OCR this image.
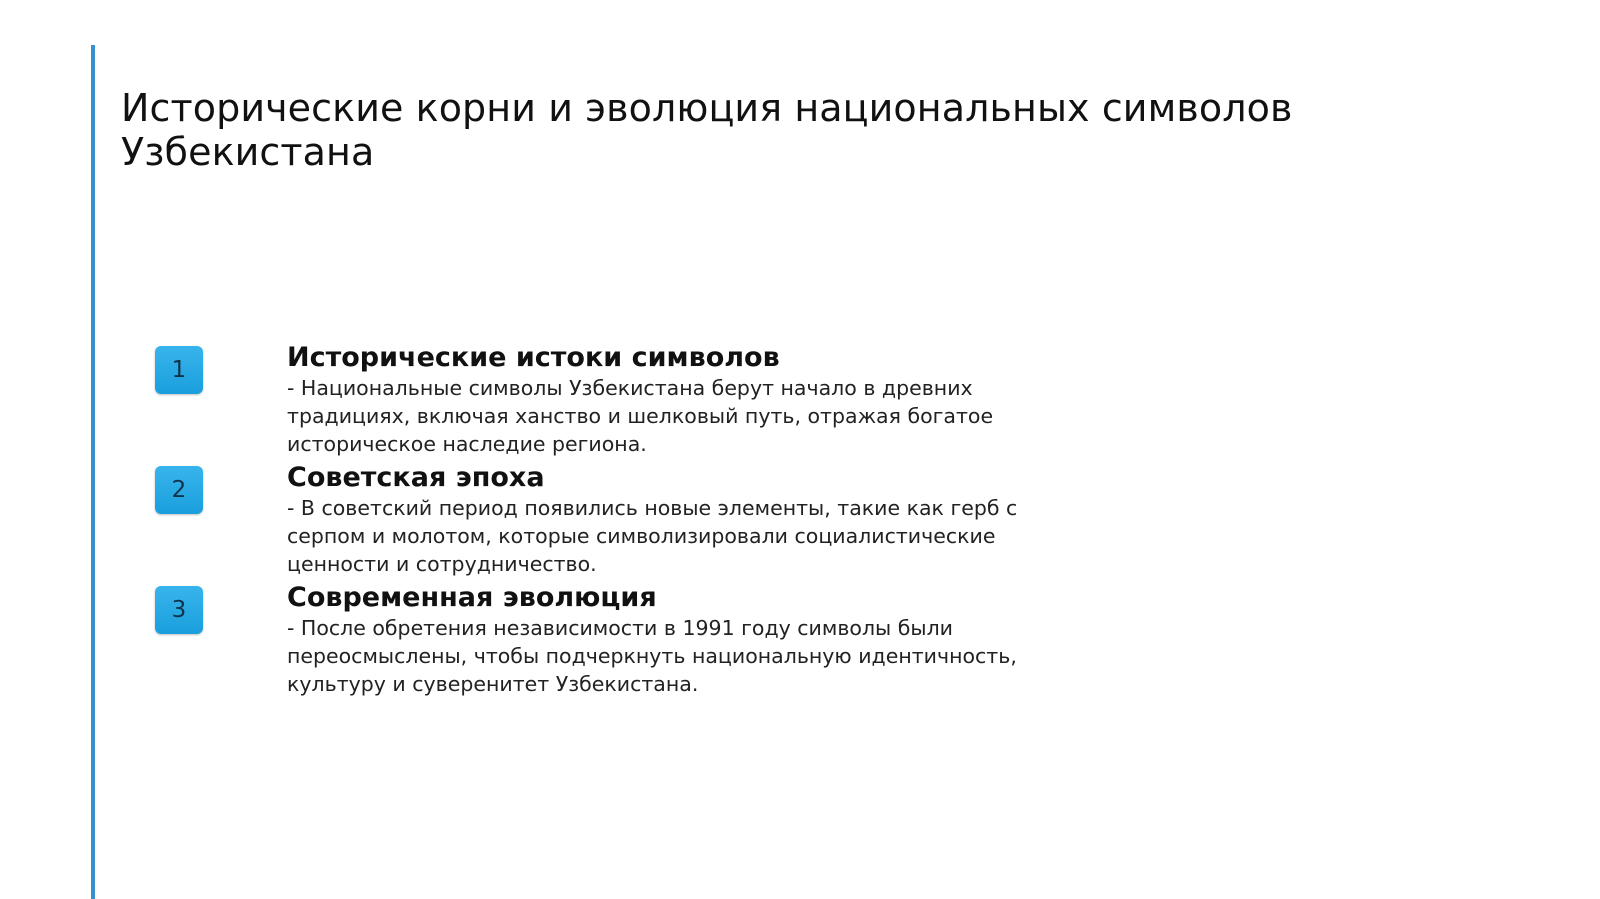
Исторические корни и эволюция национальных символов Узбекистана
1	Исторические истоки символов

- Национальные символы Узбекистана берут начало в древних традициях, включая ханство и шелковый путь, отражая богатое историческое наследие региона.

2	Советская эпоха

- В советский период появились новые элементы, такие как герб с серпом и молотом, которые символизировали социалистические ценности и сотрудничество.

3	Современная эволюция

- После обретения независимости в 1991 году символы были переосмыслены, чтобы подчеркнуть национальную идентичность, культуру и суверенитет Узбекистана.
